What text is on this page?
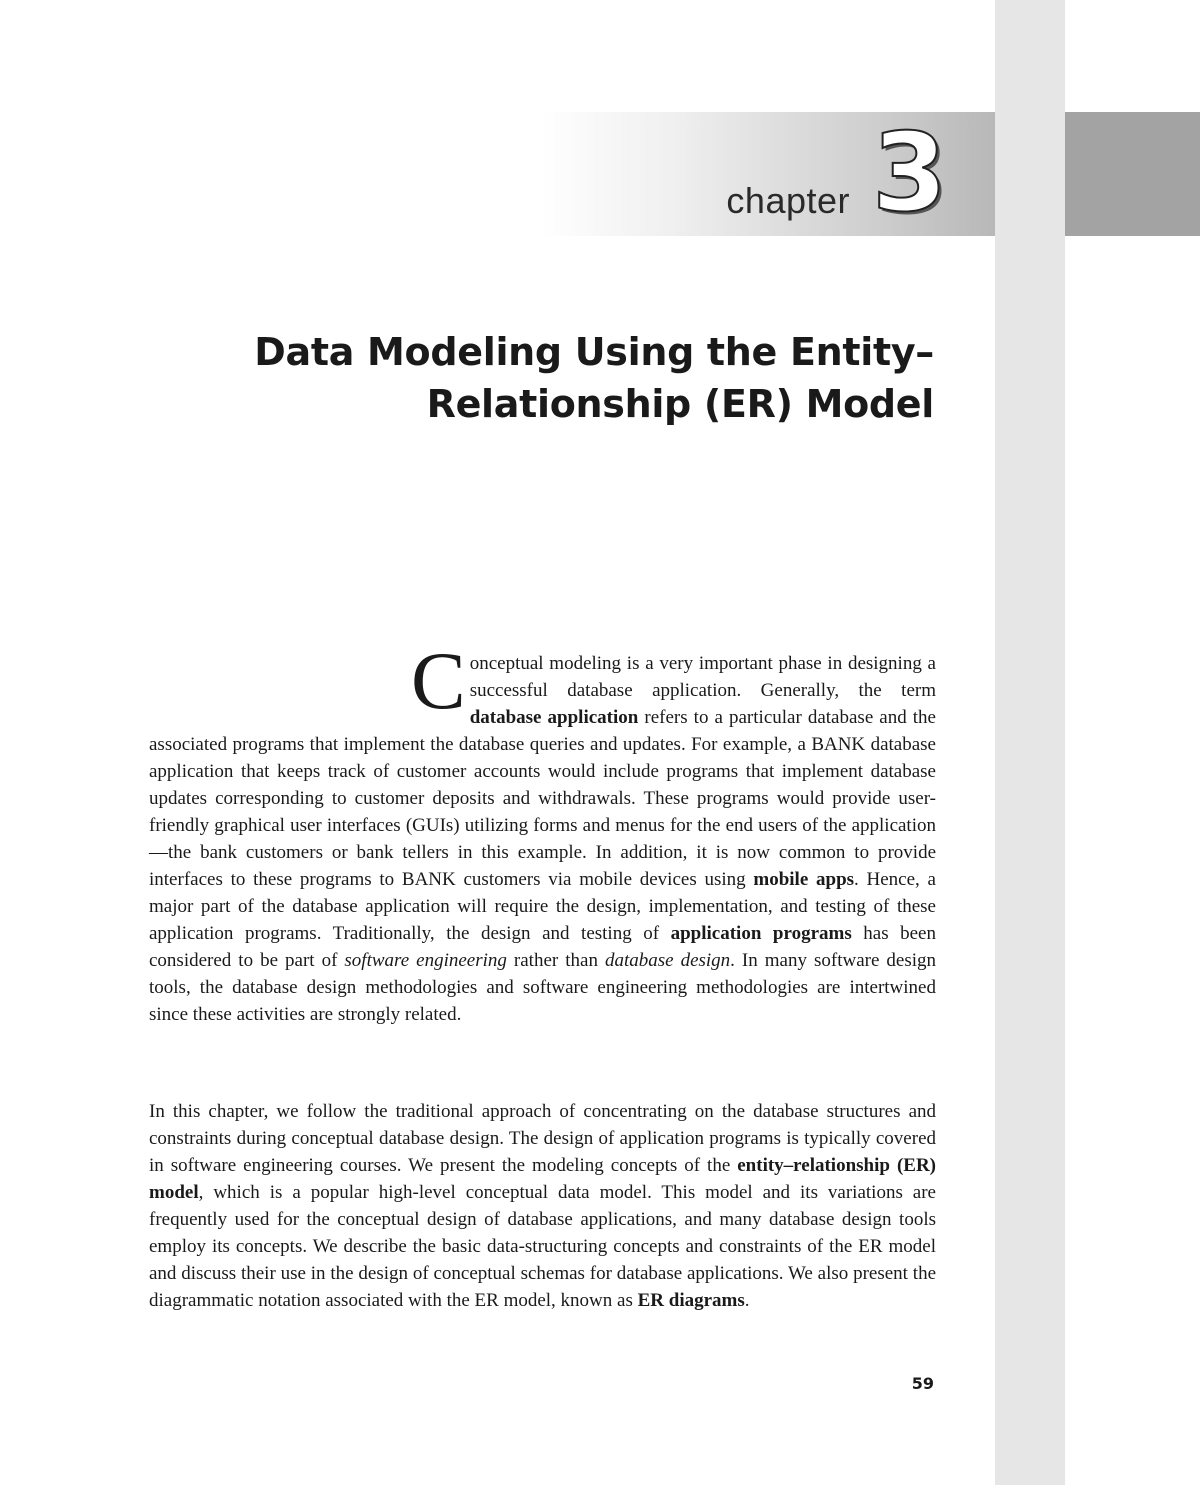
chapter 3
Data Modeling Using the Entity–
Relationship (ER) Model

Conceptual modeling is a very important phase in designing a successful database application. Generally, the term database application refers to a particular database and the associated programs that implement the database queries and updates. For example, a BANK database application that keeps track of customer accounts would include programs that implement database updates corresponding to customer deposits and withdrawals. These programs would provide user-friendly graphical user interfaces (GUIs) utilizing forms and menus for the end users of the application—the bank customers or bank tellers in this example. In addition, it is now common to provide interfaces to these programs to BANK customers via mobile devices using mobile apps. Hence, a major part of the database application will require the design, implementation, and testing of these application programs. Traditionally, the design and testing of application programs has been considered to be part of software engineering rather than database design. In many software design tools, the database design methodologies and software engineering methodologies are intertwined since these activities are strongly related.

In this chapter, we follow the traditional approach of concentrating on the database structures and constraints during conceptual database design. The design of application programs is typically covered in software engineering courses. We present the modeling concepts of the entity–relationship (ER) model, which is a popular high-level conceptual data model. This model and its variations are frequently used for the conceptual design of database applications, and many database design tools employ its concepts. We describe the basic data-structuring concepts and constraints of the ER model and discuss their use in the design of conceptual schemas for database applications. We also present the diagrammatic notation associated with the ER model, known as ER diagrams.

59
